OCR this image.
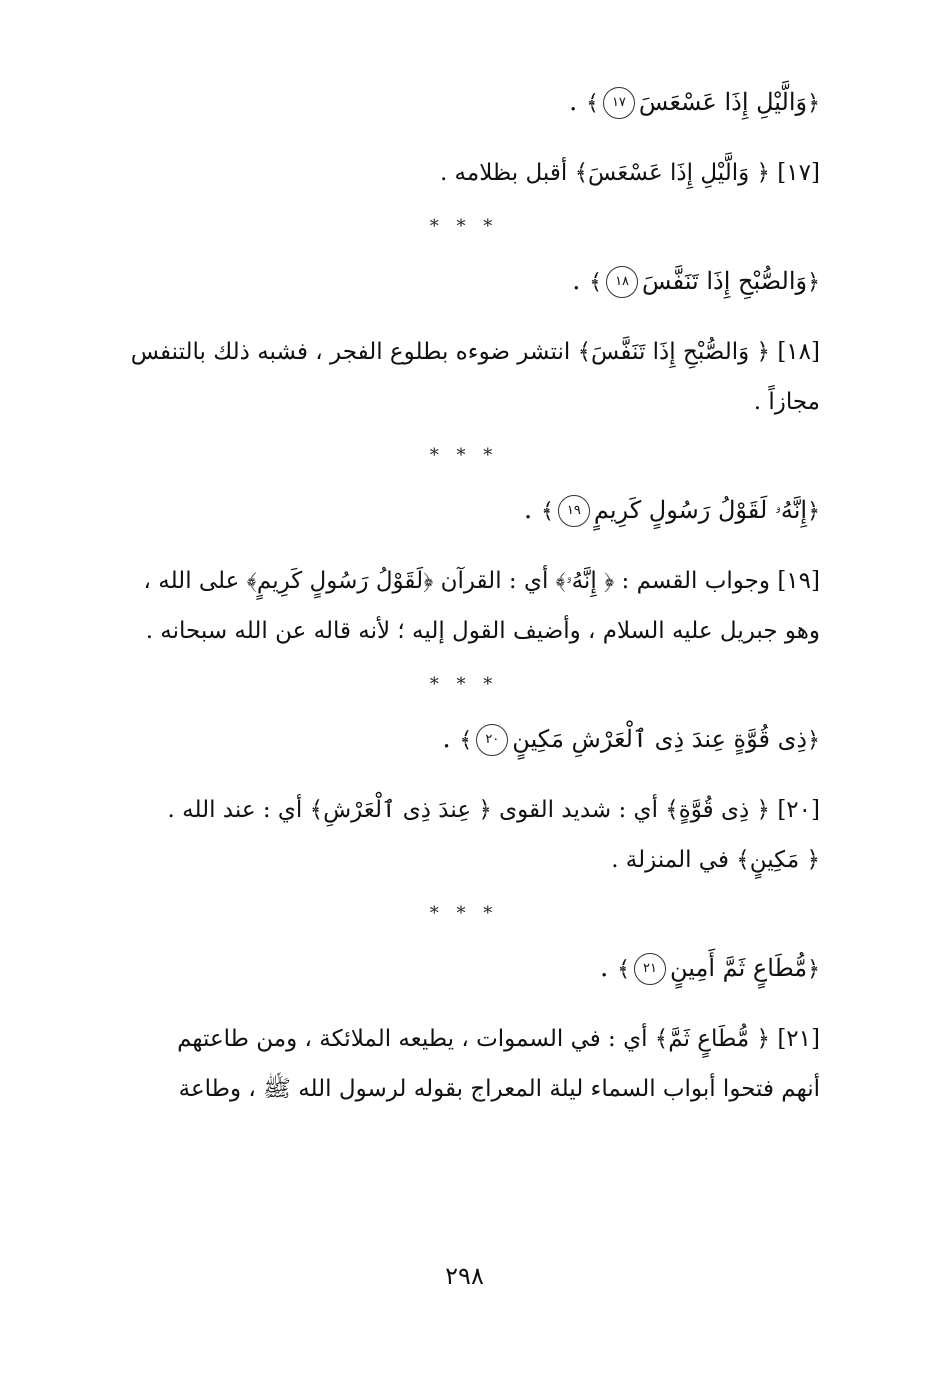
﴿وَالَّيْلِ إِذَا عَسْعَسَ١٧﴾ .

[١٧] ﴿ وَالَّيْلِ إِذَا عَسْعَسَ﴾ أقبل بظلامه .

* * *

﴿وَالصُّبْحِ إِذَا تَنَفَّسَ١٨﴾ .

[١٨] ﴿ وَالصُّبْحِ إِذَا تَنَفَّسَ﴾ انتشر ضوءه بطلوع الفجر ، فشبه ذلك بالتنفس
مجازاً .

* * *

﴿إِنَّهُۥ لَقَوْلُ رَسُولٍ كَرِيمٍ١٩﴾ .

[١٩] وجواب القسم : ﴿ إِنَّهُۥ﴾ أي : القرآن ﴿لَقَوْلُ رَسُولٍ كَرِيمٍ﴾ على الله ،
وهو جبريل عليه السلام ، وأضيف القول إليه ؛ لأنه قاله عن الله سبحانه .

* * *

﴿ذِى قُوَّةٍ عِندَ ذِى ٱلْعَرْشِ مَكِينٍ٢٠﴾ .

[٢٠] ﴿ ذِى قُوَّةٍ﴾ أي : شديد القوى ﴿ عِندَ ذِى ٱلْعَرْشِ﴾ أي : عند الله .
﴿ مَكِينٍ﴾ في المنزلة .

* * *

﴿مُّطَاعٍ ثَمَّ أَمِينٍ٢١﴾ .

[٢١] ﴿ مُّطَاعٍ ثَمَّ﴾ أي : في السموات ، يطيعه الملائكة ، ومن طاعتهم
أنهم فتحوا أبواب السماء ليلة المعراج بقوله لرسول الله ﷺ ، وطاعة

٢٩٨
